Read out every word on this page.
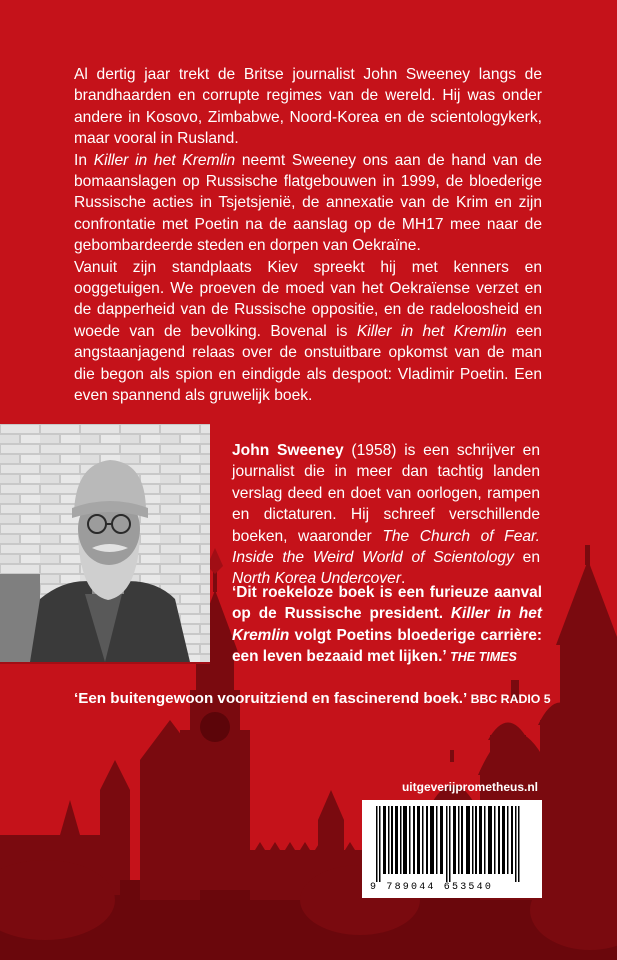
Al dertig jaar trekt de Britse journalist John Sweeney langs de brandhaarden en corrupte regimes van de wereld. Hij was onder andere in Kosovo, Zimbabwe, Noord-Korea en de scientologykerk, maar vooral in Rusland.

In Killer in het Kremlin neemt Sweeney ons aan de hand van de bomaanslagen op Russische flatgebouwen in 1999, de bloederige Russische acties in Tsjetsjenië, de annexatie van de Krim en zijn confrontatie met Poetin na de aanslag op de MH17 mee naar de gebombardeerde steden en dorpen van Oekraïne.

Vanuit zijn standplaats Kiev spreekt hij met kenners en ooggetuigen. We proeven de moed van het Oekraïense verzet en de dapperheid van de Russische oppositie, en de radeloosheid en woede van de bevolking. Bovenal is Killer in het Kremlin een angstaanjagend relaas over de onstuitbare opkomst van de man die begon als spion en eindigde als despoot: Vladimir Poetin. Een even spannend als gruwelijk boek.

John Sweeney (1958) is een schrijver en journalist die in meer dan tachtig landen verslag deed en doet van oorlogen, rampen en dictaturen. Hij schreef verschillende boeken, waaronder The Church of Fear. Inside the Weird World of Scientology en North Korea Undercover.

‘Dit roekeloze boek is een furieuze aanval op de Russische president. Killer in het Kremlin volgt Poetins bloederige carrière: een leven bezaaid met lijken.’ THE TIMES

‘Een buitengewoon vooruitziend en fascinerend boek.’ BBC RADIO 5
uitgeverijprometheus.nl
9 789044 653540
